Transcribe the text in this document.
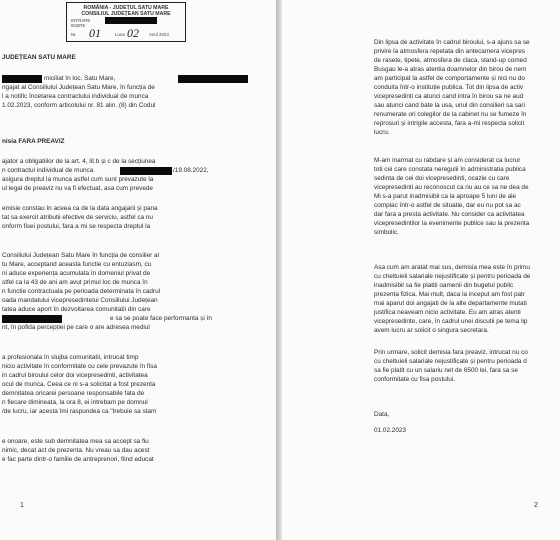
ROMÂNIA - JUDEȚUL SATU MARE
CONSILIUL JUDEȚEAN SATU MARE
INTRARE
IEȘIRE
Nr. 01	Luna 02 Anul 2023
JUDEȚEAN SATU MARE
miciliat în loc. Satu Mare,
ngajat al Consiliului Județean Satu Mare, în funcția de
l a notific încetarea contractului individual de munca
1.02.2023, conform articolului nr. 81 alin. (8) din Codul
nisia FARA PREAVIZ
ajator a obligatiilor de la art. 4, lit.b și c de la secțiunea
n contractul individual de munca	/19.08.2022,
asigura dreptul la munca astfel cum sunt prevazute la
ul legal de preaviz nu va fi efectuat, asa cum prevede
emisie constau în aceea ca de la data angajarii și pana
tat sa exercit atributii efective de serviciu, astfel ca nu
onform fisei postului, fara a mi se respecta dreptul la
Consiliului Județean Satu Mare în funcția de consilier al
tu Mare, acceptand aceasta functie cu entuziasm, cu
ni aduce experiența acumulata în domeniul privat de
stfel ca la 43 de ani am avut primul loc de munca în
n functie contractuala pe perioada determinata în cadrul
oada mandatului vicepresedintelui Consiliului Județean
tatea aduce aport în dezvoltarea comunitatii din care
e sa se poate face performanta și în
nt, în pofida percepției pe care o are adresea mediul
a profesionala în slujba comunitatii, intrucat timp
nicio activitate în conformitate cu cele prevazute în fisa
in cadrul biroului celor doi vicepresedinti, activitatea
ocul de munca. Ceea ce ni s-a solicitat a fost prezenta
demnitatea oricarei persoane responsabile fata de
n fiecare dimineata, la ora 8, ei intrebam pe domnul
/de lucru, iar acesta îmi raspundea ca "trebuie sa stam
e onoare, este sub demnitatea mea sa accept sa fiu
nimic, decat act de prezenta. Nu vreau sa dau acest
e fac parte dintr-o familie de antreprenori, fiind educat
1
Din lipsa de activitate în cadrul biroului, s-a ajuns sa se
privire la atmosfera repetata din antecamera vicepres
de rasete, tipete, atmosfera de claca, stand-up comed
Busgau le-a atras atentia doamnelor din birou de nem
am participat la astfel de comportamente și nici nu do
conduita într-o instituție publica. Tot din lipsa de activ
vicepresedinti ca atunci cand intra în birou sa ne aud
sau atunci cand bate la usa, unul din consilieri sa sari
renumerate ori colegilor de la cabinet nu se fumeze în
reprosuri și intrigile accesta, fara a-mi respecta solicit
lucru.
M-am inarmat cu rabdare și am considerat ca lucrur
toti cei care constata neregulii în administratia publica
sedinta de cei doi vicepresedinti, ocazie cu care
vicepresedinti au reconoscut ca nu au ce sa ne dea de
Mi s-a parut inadmisibil ca la aproape 5 luni de ale
complac într-o astfel de situatie, dar eu nu pot sa ac
dar fara a presta activitate. Nu consider ca activitatea
vicepresedintilor la evenimente publice sau la prezenta
simbolic.
Asa cum am aratat mai sus, demisia mea este în primu
cu cheltuieli salariale nejustificate și pentru perioada de
inadmisibil sa fie platiti oamenii din bugetul public
prezenta fizica. Mai mult, daca la inceput am fost patr
mai aparut doi angajati de la alte departamente mutati
justifica neaveam nicio activitate. Eu am atras atenti
vicepresedinte, care, în cadrul unei discutii pe tema lip
avem lucru ar solicit o singura secretara.
Prin urmare, solicit demisia fara preaviz, intrucat nu co
cu cheltuieli salariale nejustificate și pentru perioada d
sa fie platit cu un salariu net de 6500 lei, fara sa se
conformitate cu fisa postului.
Data,
01.02.2023
2
